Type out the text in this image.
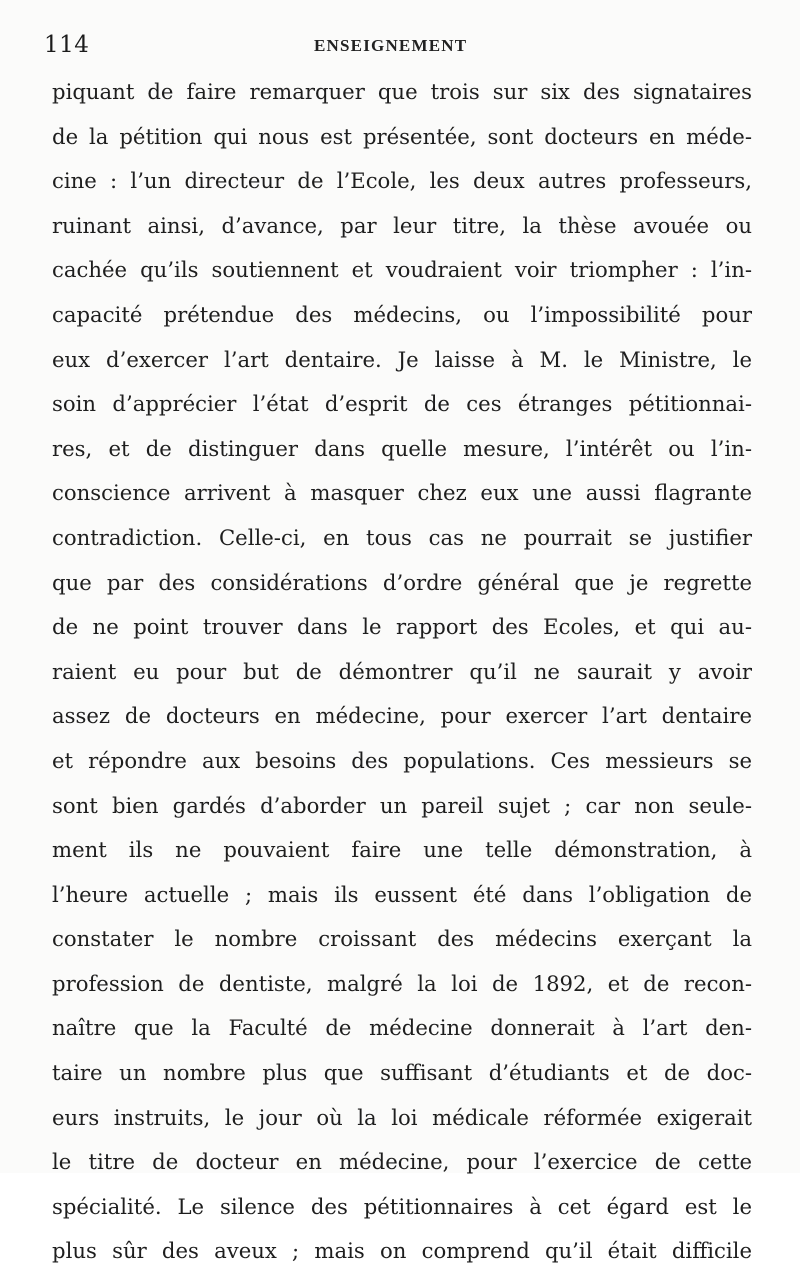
114	ENSEIGNEMENT
piquant de faire remarquer que trois sur six des signataires
de la pétition qui nous est présentée, sont docteurs en méde-
cine : l’un directeur de l’Ecole, les deux autres professeurs,
ruinant ainsi, d’avance, par leur titre, la thèse avouée ou
cachée qu’ils soutiennent et voudraient voir triompher : l’in-
capacité prétendue des médecins, ou l’impossibilité pour
eux d’exercer l’art dentaire. Je laisse à M. le Ministre, le
soin d’apprécier l’état d’esprit de ces étranges pétitionnai-
res, et de distinguer dans quelle mesure, l’intérêt ou l’in-
conscience arrivent à masquer chez eux une aussi flagrante
contradiction. Celle-ci, en tous cas ne pourrait se justifier
que par des considérations d’ordre général que je regrette
de ne point trouver dans le rapport des Ecoles, et qui au-
raient eu pour but de démontrer qu’il ne saurait y avoir
assez de docteurs en médecine, pour exercer l’art dentaire
et répondre aux besoins des populations. Ces messieurs se
sont bien gardés d’aborder un pareil sujet ; car non seule-
ment ils ne pouvaient faire une telle démonstration, à
l’heure actuelle ; mais ils eussent été dans l’obligation de
constater le nombre croissant des médecins exerçant la
profession de dentiste, malgré la loi de 1892, et de recon-
naître que la Faculté de médecine donnerait à l’art den-
taire un nombre plus que suffisant d’étudiants et de doc-
eurs instruits, le jour où la loi médicale réformée exigerait
le titre de docteur en médecine, pour l’exercice de cette
spécialité. Le silence des pétitionnaires à cet égard est le
plus sûr des aveux ; mais on comprend qu’il était difficile
